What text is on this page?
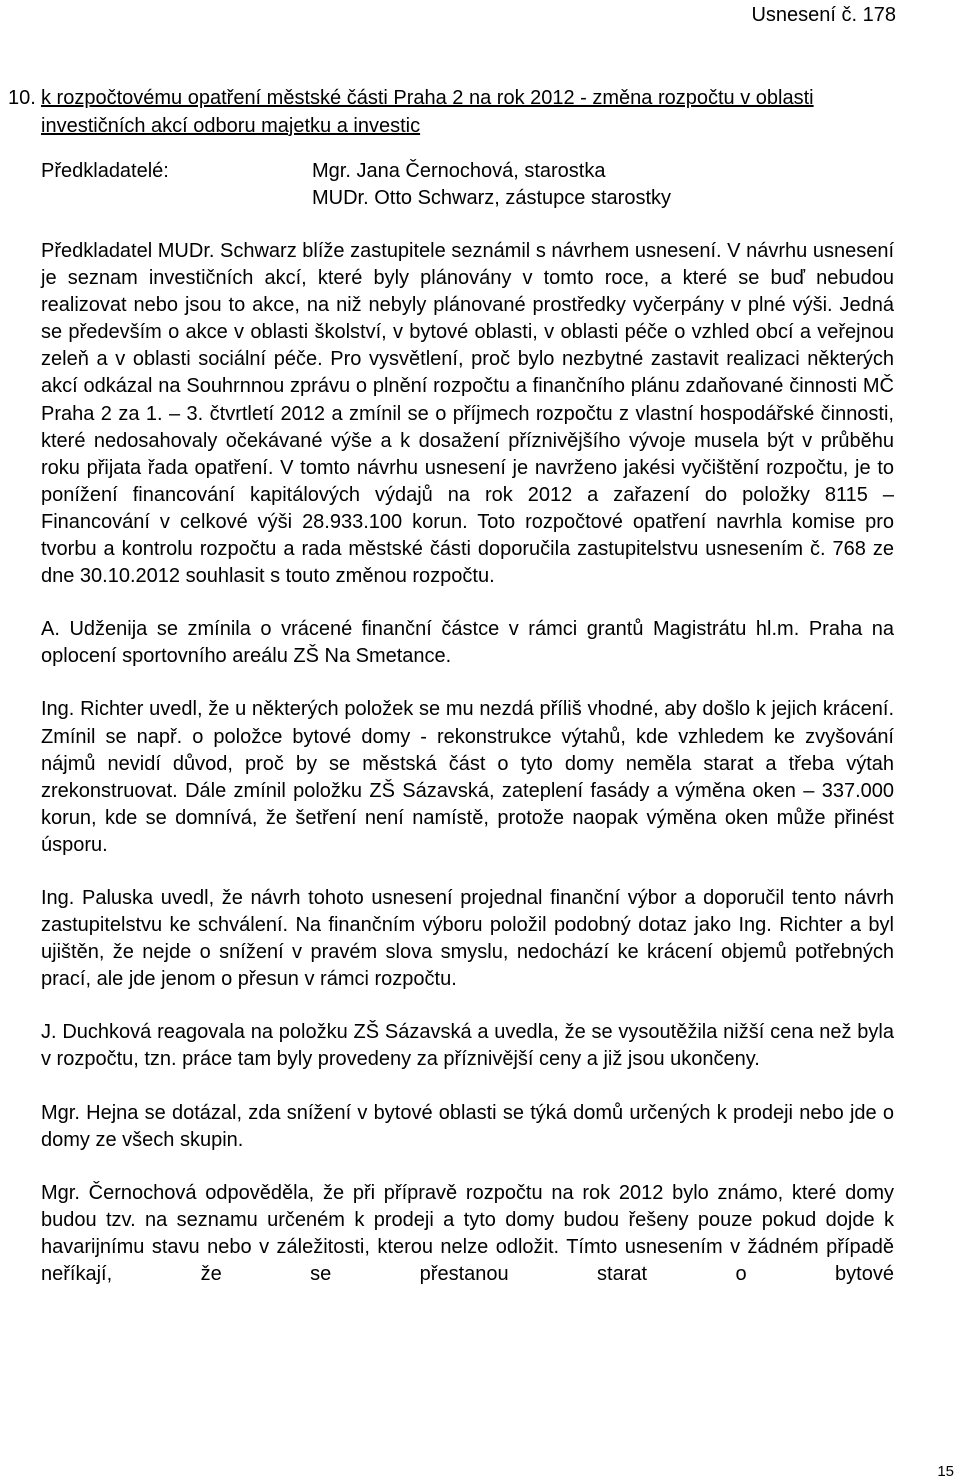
Usnesení č. 178
10. k rozpočtovému opatření městské části Praha 2 na rok 2012 - změna rozpočtu v oblasti investičních akcí odboru majetku a investic
Předkladatelé:	Mgr. Jana Černochová, starostka
MUDr. Otto Schwarz, zástupce starostky

Předkladatel MUDr. Schwarz blíže zastupitele seznámil s návrhem usnesení. V návrhu usnesení je seznam investičních akcí, které byly plánovány v tomto roce, a které se buď nebudou realizovat nebo jsou to akce, na niž nebyly plánované prostředky vyčerpány v plné výši. Jedná se především o akce v oblasti školství, v bytové oblasti, v oblasti péče o vzhled obcí a veřejnou zeleň a v oblasti sociální péče. Pro vysvětlení, proč bylo nezbytné zastavit realizaci některých akcí odkázal na Souhrnnou zprávu o plnění rozpočtu a finančního plánu zdaňované činnosti MČ Praha 2 za 1. – 3. čtvrtletí 2012 a zmínil se o příjmech rozpočtu z vlastní hospodářské činnosti, které nedosahovaly očekávané výše a k dosažení příznivějšího vývoje musela být v průběhu roku přijata řada opatření. V tomto návrhu usnesení je navrženo jakési vyčištění rozpočtu, je to ponížení financování kapitálových výdajů na rok 2012 a zařazení do položky 8115 – Financování v celkové výši 28.933.100 korun. Toto rozpočtové opatření navrhla komise pro tvorbu a kontrolu rozpočtu a rada městské části doporučila zastupitelstvu usnesením č. 768 ze dne 30.10.2012 souhlasit s touto změnou rozpočtu.

A. Udženija se zmínila o vrácené finanční částce v rámci grantů Magistrátu hl.m. Praha na oplocení sportovního areálu ZŠ Na Smetance.

Ing. Richter uvedl, že u některých položek se mu nezdá příliš vhodné, aby došlo k jejich krácení. Zmínil se např. o položce bytové domy - rekonstrukce výtahů, kde vzhledem ke zvyšování nájmů nevidí důvod, proč by se městská část o tyto domy neměla starat a třeba výtah zrekonstruovat. Dále zmínil položku ZŠ Sázavská, zateplení fasády a výměna oken – 337.000 korun, kde se domnívá, že šetření není namístě, protože naopak výměna oken může přinést úsporu.

Ing. Paluska uvedl, že návrh tohoto usnesení projednal finanční výbor a doporučil tento návrh zastupitelstvu ke schválení. Na finančním výboru položil podobný dotaz jako Ing. Richter a byl ujištěn, že nejde o snížení v pravém slova smyslu, nedochází ke krácení objemů potřebných prací, ale jde jenom o přesun v rámci rozpočtu.

J. Duchková reagovala na položku ZŠ Sázavská a uvedla, že se vysoutěžila nižší cena než byla v rozpočtu, tzn. práce tam byly provedeny za příznivější ceny a již jsou ukončeny.

Mgr. Hejna se dotázal, zda snížení v bytové oblasti se týká domů určených k prodeji nebo jde o domy ze všech skupin.

Mgr. Černochová odpověděla, že při přípravě rozpočtu na rok 2012 bylo známo, které domy budou tzv. na seznamu určeném k prodeji a tyto domy budou řešeny pouze pokud dojde k havarijnímu stavu nebo v záležitosti, kterou nelze odložit. Tímto usnesením v žádném případě neříkají, že se přestanou starat o bytové

15
